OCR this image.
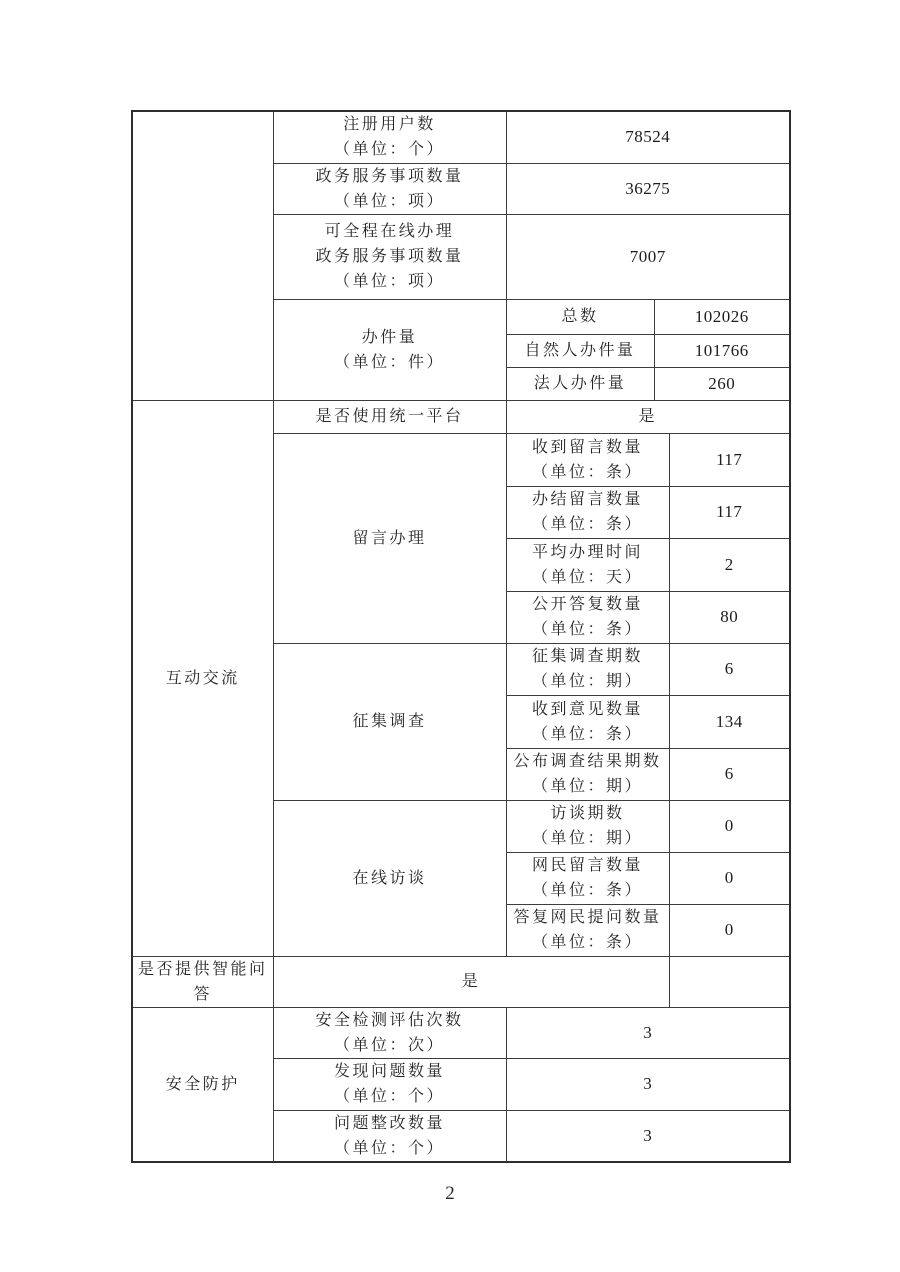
	注册用户数
（单位：个）	78524		

	政务服务事项数量
（单位：项）	36275		

	可全程在线办理
政务服务事项数量
（单位：项）	7007		

	办件量
（单位：件）	总数	102026	
		自然人办件量	101766	
		法人办件量	260	

互动交流	是否使用统一平台	是		
	留言办理	收到留言数量
（单位：条）		117

		办结留言数量
（单位：条）		117

		平均办理时间
（单位：天）		2

		公开答复数量
（单位：条）		80
	征集调查	征集调查期数
（单位：期）		6

		收到意见数量
（单位：条）		134

		公布调查结果期数
（单位：期）		6
	在线访谈	访谈期数
（单位：期）		0

		网民留言数量
（单位：条）		0

		答复网民提问数量
（单位：条）		0
是否提供智能问答	是			

安全防护	安全检测评估次数
（单位：次）	3		

	发现问题数量
（单位：个）	3		

	问题整改数量
（单位：个）	3		
2
